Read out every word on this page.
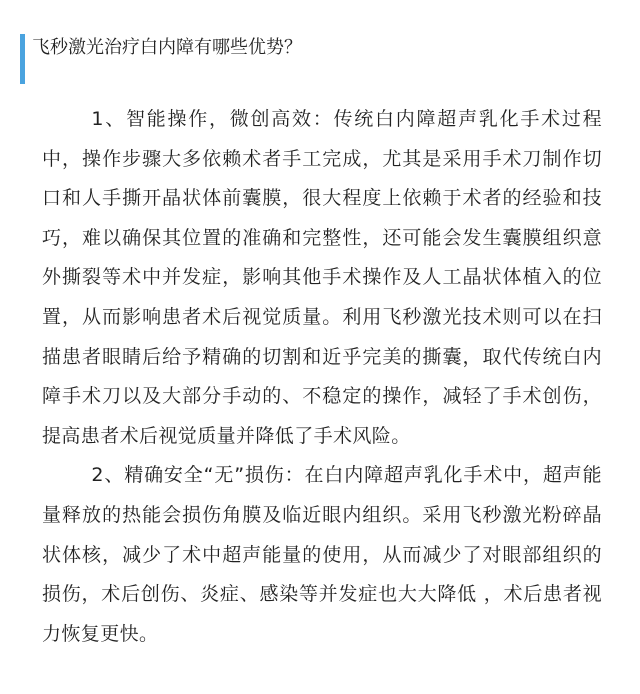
飞秒激光治疗白内障有哪些优势？

1、智能操作，微创高效：传统白内障超声乳化手术过程中，操作步骤大多依赖术者手工完成，尤其是采用手术刀制作切口和人手撕开晶状体前囊膜，很大程度上依赖于术者的经验和技巧，难以确保其位置的准确和完整性，还可能会发生囊膜组织意外撕裂等术中并发症，影响其他手术操作及人工晶状体植入的位置，从而影响患者术后视觉质量。利用飞秒激光技术则可以在扫描患者眼睛后给予精确的切割和近乎完美的撕囊，取代传统白内障手术刀以及大部分手动的、不稳定的操作，减轻了手术创伤，提高患者术后视觉质量并降低了手术风险。

2、精确安全“无”损伤：在白内障超声乳化手术中，超声能量释放的热能会损伤角膜及临近眼内组织。采用飞秒激光粉碎晶状体核，减少了术中超声能量的使用，从而减少了对眼部组织的损伤，术后创伤、炎症、感染等并发症也大大降低 ，术后患者视力恢复更快。
